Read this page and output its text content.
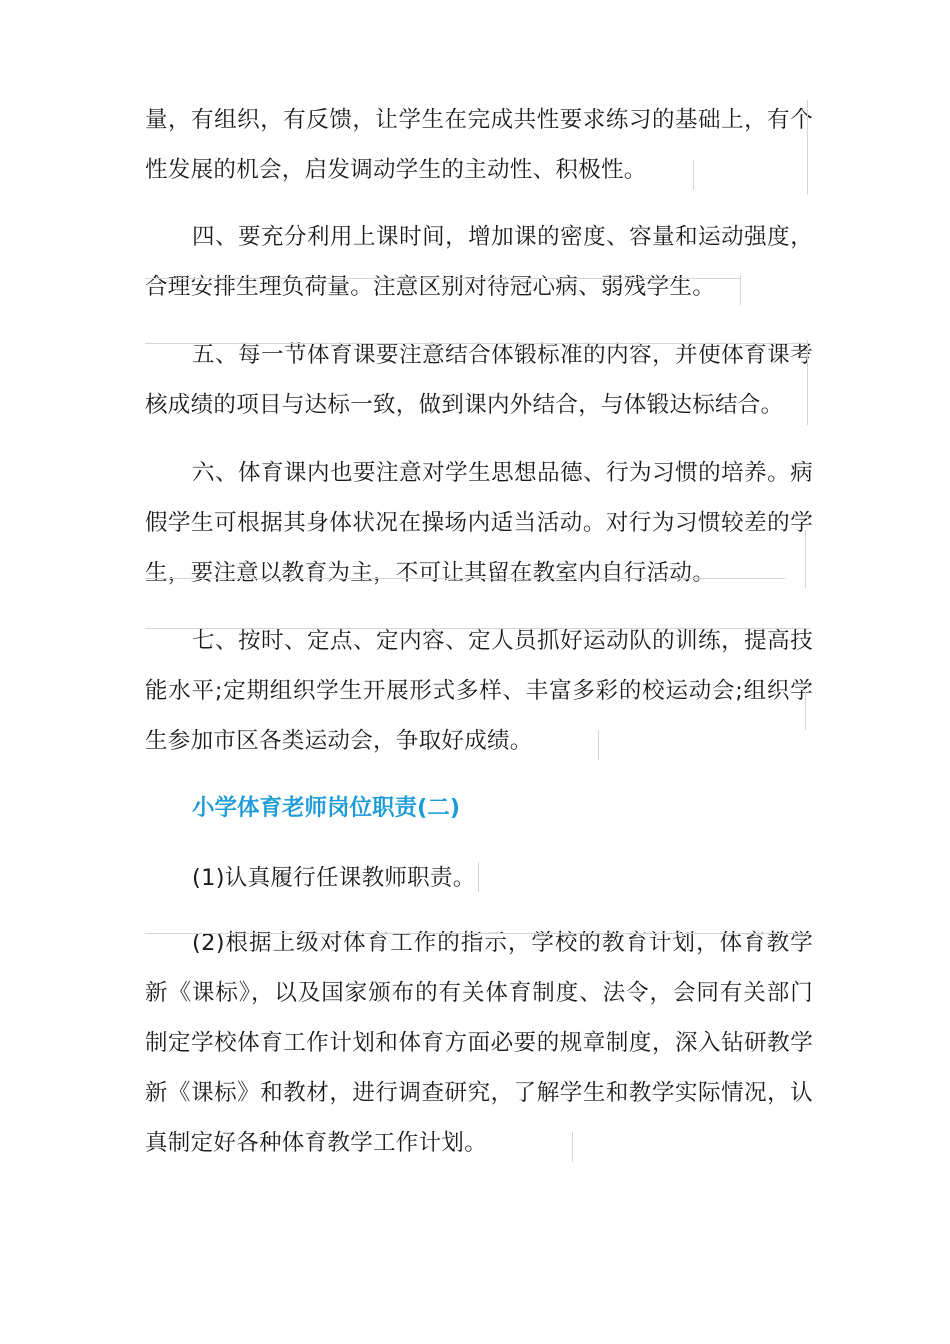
量，有组织，有反馈，让学生在完成共性要求练习的基础上，有个性发展的机会，启发调动学生的主动性、积极性。

四、要充分利用上课时间，增加课的密度、容量和运动强度，合理安排生理负荷量。注意区别对待冠心病、弱残学生。

五、每一节体育课要注意结合体锻标准的内容，并使体育课考核成绩的项目与达标一致，做到课内外结合，与体锻达标结合。

六、体育课内也要注意对学生思想品德、行为习惯的培养。病假学生可根据其身体状况在操场内适当活动。对行为习惯较差的学生，要注意以教育为主，不可让其留在教室内自行活动。

七、按时、定点、定内容、定人员抓好运动队的训练，提高技能水平;定期组织学生开展形式多样、丰富多彩的校运动会;组织学生参加市区各类运动会，争取好成绩。

小学体育老师岗位职责(二)

(1)认真履行任课教师职责。

(2)根据上级对体育工作的指示，学校的教育计划，体育教学新《课标》，以及国家颁布的有关体育制度、法令，会同有关部门制定学校体育工作计划和体育方面必要的规章制度，深入钻研教学新《课标》和教材，进行调查研究，了解学生和教学实际情况，认真制定好各种体育教学工作计划。
